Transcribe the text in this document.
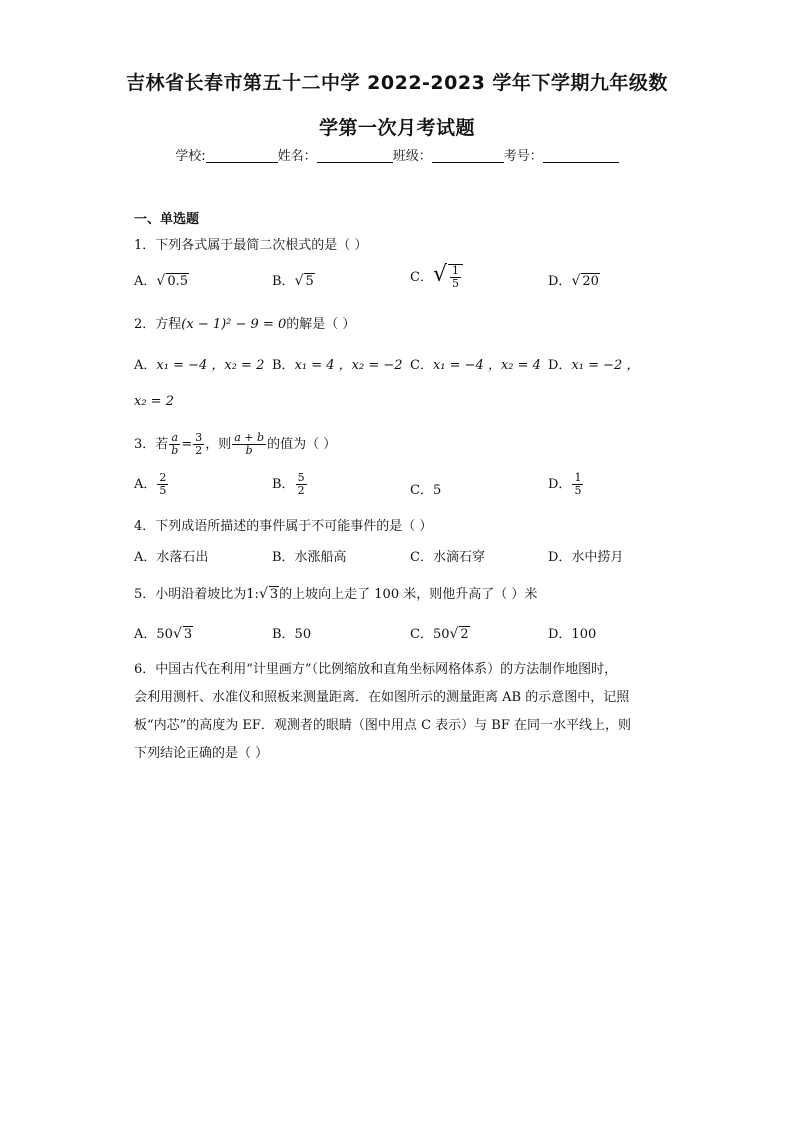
吉林省长春市第五十二中学 2022-2023 学年下学期九年级数
学第一次月考试题
学校:	姓名：	班级：	考号：
一、单选题
1．下列各式属于最简二次根式的是（ ）
A．√ 0.5	B．√ 5	C．√ $\frac{1}{5}$	D．√ 20
2．方程(x − 1)² − 9 = 0的解是（ ）
A．x₁ = −4 ，x₂ = 2 B．x₁ = 4 ，x₂ = −2 C．x₁ = −4 ，x₂ = 4 D．x₁ = −2 ，
x₂ = 2
3．若 $\frac{a}{b} = \frac{3}{2}$ ，则 $\frac{a + b}{b}$ 的值为（ ）
A． $\frac{2}{5}$	B． $\frac{5}{2}$	C．5	D． $\frac{1}{5}$
4．下列成语所描述的事件属于不可能事件的是（ ）
A．水落石出	B．水涨船高	C．水滴石穿	D．水中捞月
5．小明沿着坡比为1:√ 3的上坡向上走了 100 米，则他升高了（ ）米
A．50√ 3	B．50	C．50√ 2	D．100
6．中国古代在利用“计里画方”（比例缩放和直角坐标网格体系）的方法制作地图时，
会利用测杆、水准仪和照板来测量距离．在如图所示的测量距离 AB 的示意图中，记照
板“内芯”的高度为 EF．观测者的眼睛（图中用点 C 表示）与 BF 在同一水平线上，则
下列结论正确的是（ ）
